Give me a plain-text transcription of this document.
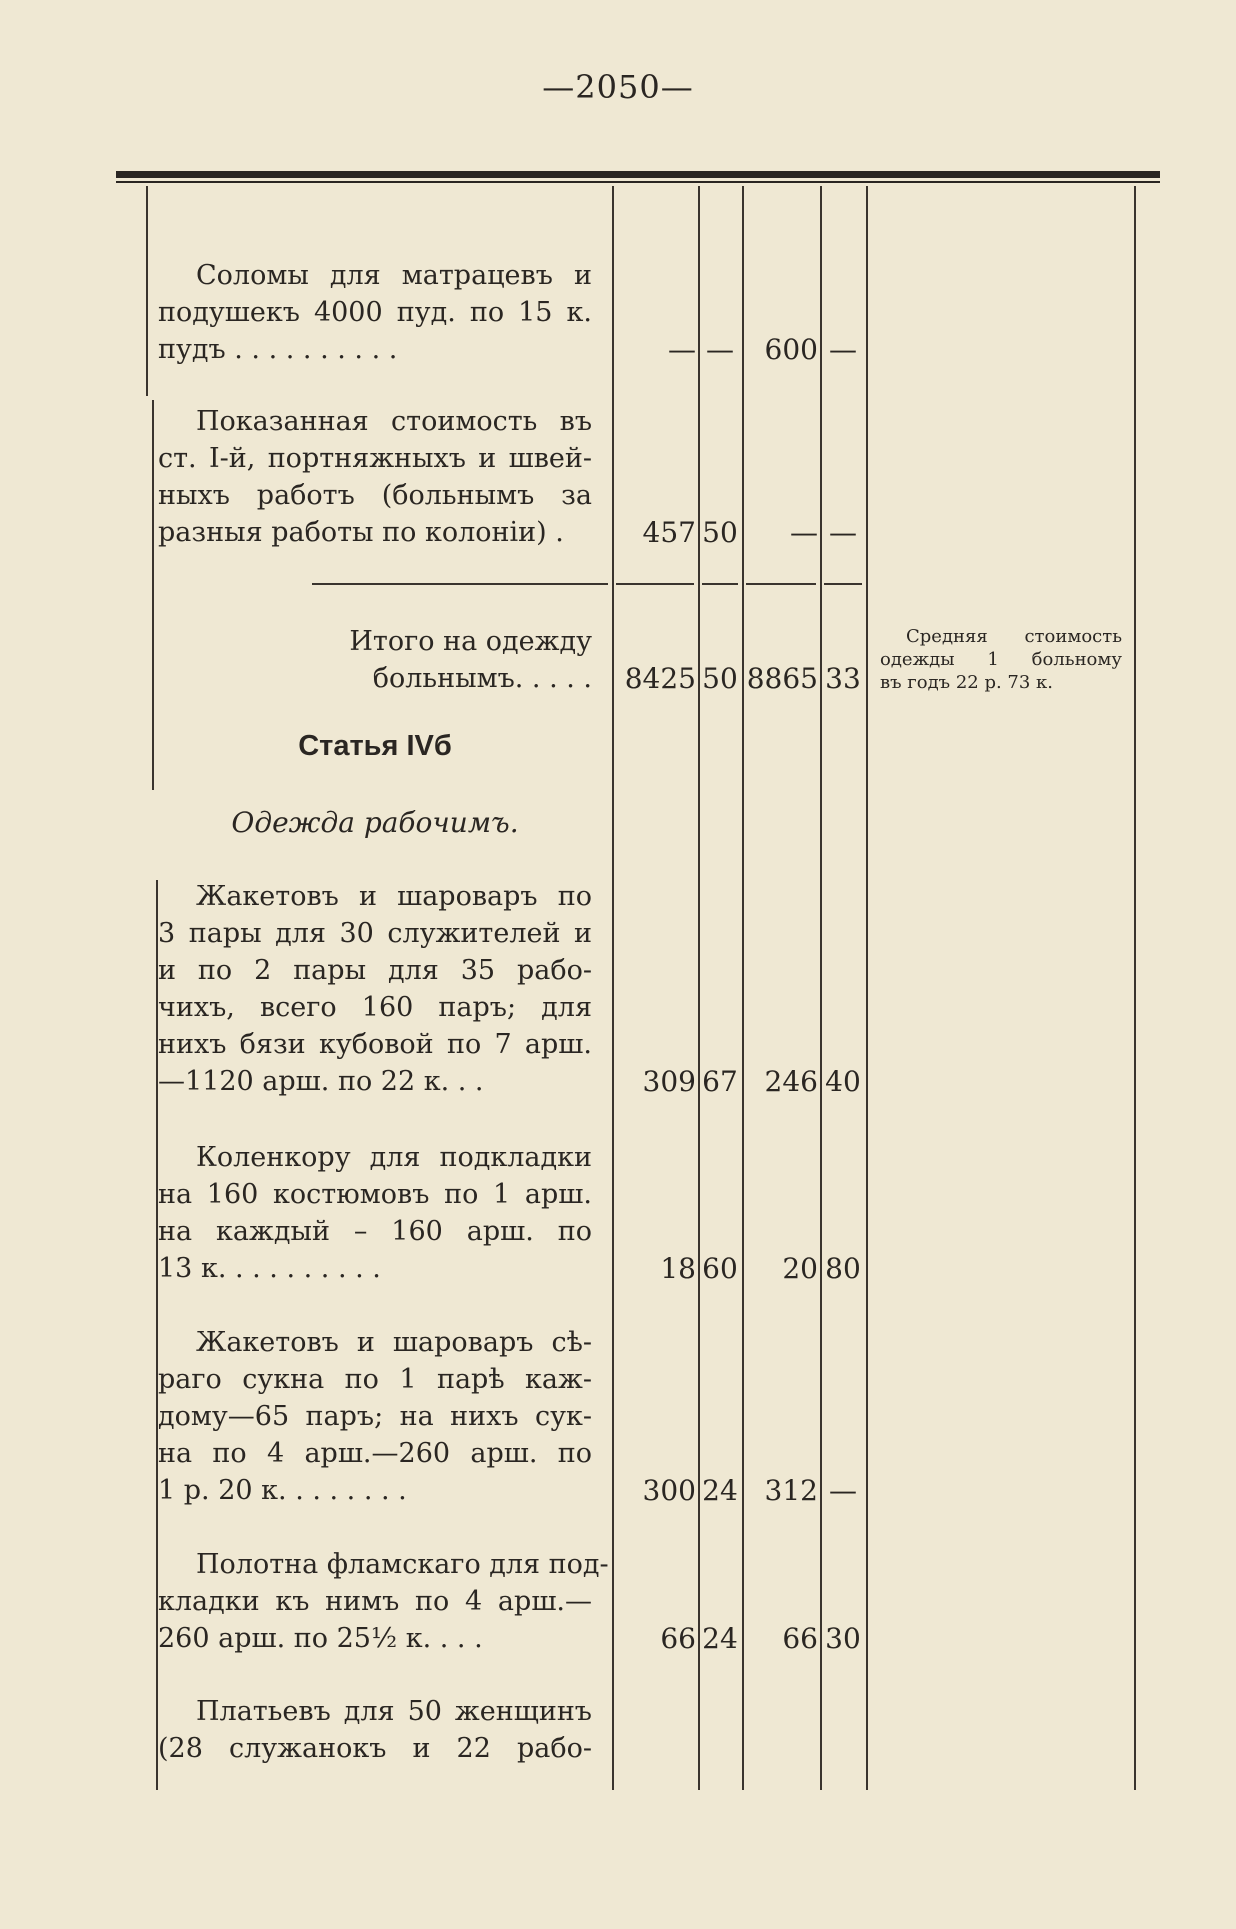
—2050—
Соломы для матрацевъ и
подушекъ 4000 пуд. по 15 к.
пудъ . . . . . . . . . .	— —	600 —
Показанная стоимость въ
ст. I-й, портняжныхъ и швей-
ныхъ работъ (больнымъ за
разныя работы по колоніи) .	457 50	— —
Итого на одежду
больнымъ. . . . .	8425 50 8865 33
Средняя стоимость
одежды 1 больному
въ годъ 22 р. 73 к.
Статья IVб
Одежда рабочимъ.
Жакетовъ и шароваръ по
3 пары для 30 служителей и
и по 2 пары для 35 рабо-
чихъ, всего 160 паръ; для
нихъ бязи кубовой по 7 арш.
—1120 арш. по 22 к. . .	309 67 246 40
Коленкору для подкладки
на 160 костюмовъ по 1 арш.
на каждый – 160 арш. по
13 к. . . . . . . . . .	18 60	20 80
Жакетовъ и шароваръ сѣ-
раго сукна по 1 парѣ каж-
дому—65 паръ; на нихъ сук-
на по 4 арш.—260 арш. по
1 р. 20 к. . . . . . . .	300 24 312 —
Полотна фламскаго для под-
кладки къ нимъ по 4 арш.—
260 арш. по 25½ к. . . .	66 24	66 30
Платьевъ для 50 женщинъ
(28 служанокъ и 22 рабо-
